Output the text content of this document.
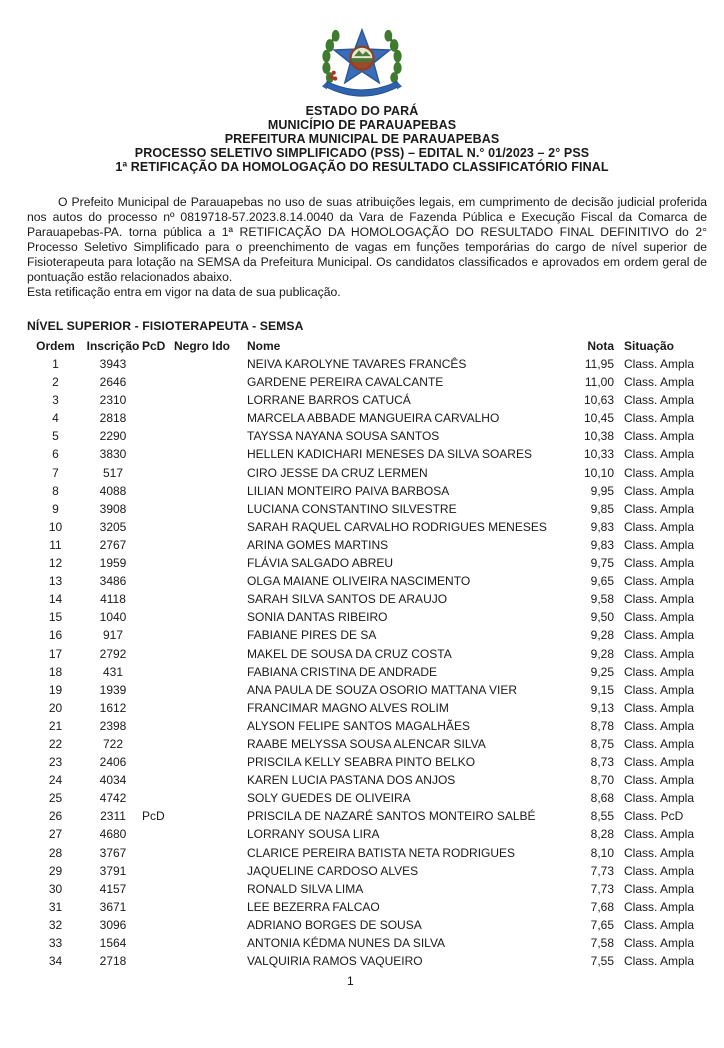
ESTADO DO PARÁ
MUNICÍPIO DE PARAUAPEBAS
PREFEITURA MUNICIPAL DE PARAUAPEBAS
PROCESSO SELETIVO SIMPLIFICADO (PSS) – EDITAL N.° 01/2023 – 2° PSS
1ª RETIFICAÇÃO DA HOMOLOGAÇÃO DO RESULTADO CLASSIFICATÓRIO FINAL

O Prefeito Municipal de Parauapebas no uso de suas atribuições legais, em cumprimento de decisão judicial proferida nos autos do processo nº 0819718-57.2023.8.14.0040 da Vara de Fazenda Pública e Execução Fiscal da Comarca de Parauapebas-PA. torna pública a 1ª RETIFICAÇÃO DA HOMOLOGAÇÃO DO RESULTADO FINAL DEFINITIVO do 2° Processo Seletivo Simplificado para o preenchimento de vagas em funções temporárias do cargo de nível superior de Fisioterapeuta para lotação na SEMSA da Prefeitura Municipal. Os candidatos classificados e aprovados em ordem geral de pontuação estão relacionados abaixo.

Esta retificação entra em vigor na data de sua publicação.

NÍVEL SUPERIOR - FISIOTERAPEUTA - SEMSA
Ordem	Inscrição	PcD	Negro	Ido	Nome	Nota	Situação
1	3943				NEIVA KAROLYNE TAVARES FRANCÊS	11,95	Class. Ampla
2	2646				GARDENE PEREIRA CAVALCANTE	11,00	Class. Ampla
3	2310				LORRANE BARROS CATUCÁ	10,63	Class. Ampla
4	2818				MARCELA ABBADE MANGUEIRA CARVALHO	10,45	Class. Ampla
5	2290				TAYSSA NAYANA SOUSA SANTOS	10,38	Class. Ampla
6	3830				HELLEN KADICHARI MENESES DA SILVA SOARES	10,33	Class. Ampla
7	517				CIRO JESSE DA CRUZ LERMEN	10,10	Class. Ampla
8	4088				LILIAN MONTEIRO PAIVA BARBOSA	9,95	Class. Ampla
9	3908				LUCIANA CONSTANTINO SILVESTRE	9,85	Class. Ampla
10	3205				SARAH RAQUEL CARVALHO RODRIGUES MENESES	9,83	Class. Ampla
11	2767				ARINA GOMES MARTINS	9,83	Class. Ampla
12	1959				FLÁVIA SALGADO ABREU	9,75	Class. Ampla
13	3486				OLGA MAIANE OLIVEIRA NASCIMENTO	9,65	Class. Ampla
14	4118				SARAH SILVA SANTOS DE ARAUJO	9,58	Class. Ampla
15	1040				SONIA DANTAS RIBEIRO	9,50	Class. Ampla
16	917				FABIANE PIRES DE SA	9,28	Class. Ampla
17	2792				MAKEL DE SOUSA DA CRUZ COSTA	9,28	Class. Ampla
18	431				FABIANA CRISTINA DE ANDRADE	9,25	Class. Ampla
19	1939				ANA PAULA DE SOUZA OSORIO MATTANA VIER	9,15	Class. Ampla
20	1612				FRANCIMAR MAGNO ALVES ROLIM	9,13	Class. Ampla
21	2398				ALYSON FELIPE SANTOS MAGALHÃES	8,78	Class. Ampla
22	722				RAABE MELYSSA SOUSA ALENCAR SILVA	8,75	Class. Ampla
23	2406				PRISCILA KELLY SEABRA PINTO BELKO	8,73	Class. Ampla
24	4034				KAREN LUCIA PASTANA DOS ANJOS	8,70	Class. Ampla
25	4742				SOLY GUEDES DE OLIVEIRA	8,68	Class. Ampla
26	2311	PcD			PRISCILA DE NAZARÉ SANTOS MONTEIRO SALBÉ	8,55	Class. PcD
27	4680				LORRANY SOUSA LIRA	8,28	Class. Ampla
28	3767				CLARICE PEREIRA BATISTA NETA RODRIGUES	8,10	Class. Ampla
29	3791				JAQUELINE CARDOSO ALVES	7,73	Class. Ampla
30	4157				RONALD SILVA LIMA	7,73	Class. Ampla
31	3671				LEE BEZERRA FALCAO	7,68	Class. Ampla
32	3096				ADRIANO BORGES DE SOUSA	7,65	Class. Ampla
33	1564				ANTONIA KÉDMA NUNES DA SILVA	7,58	Class. Ampla
34	2718				VALQUIRIA RAMOS VAQUEIRO	7,55	Class. Ampla
1
